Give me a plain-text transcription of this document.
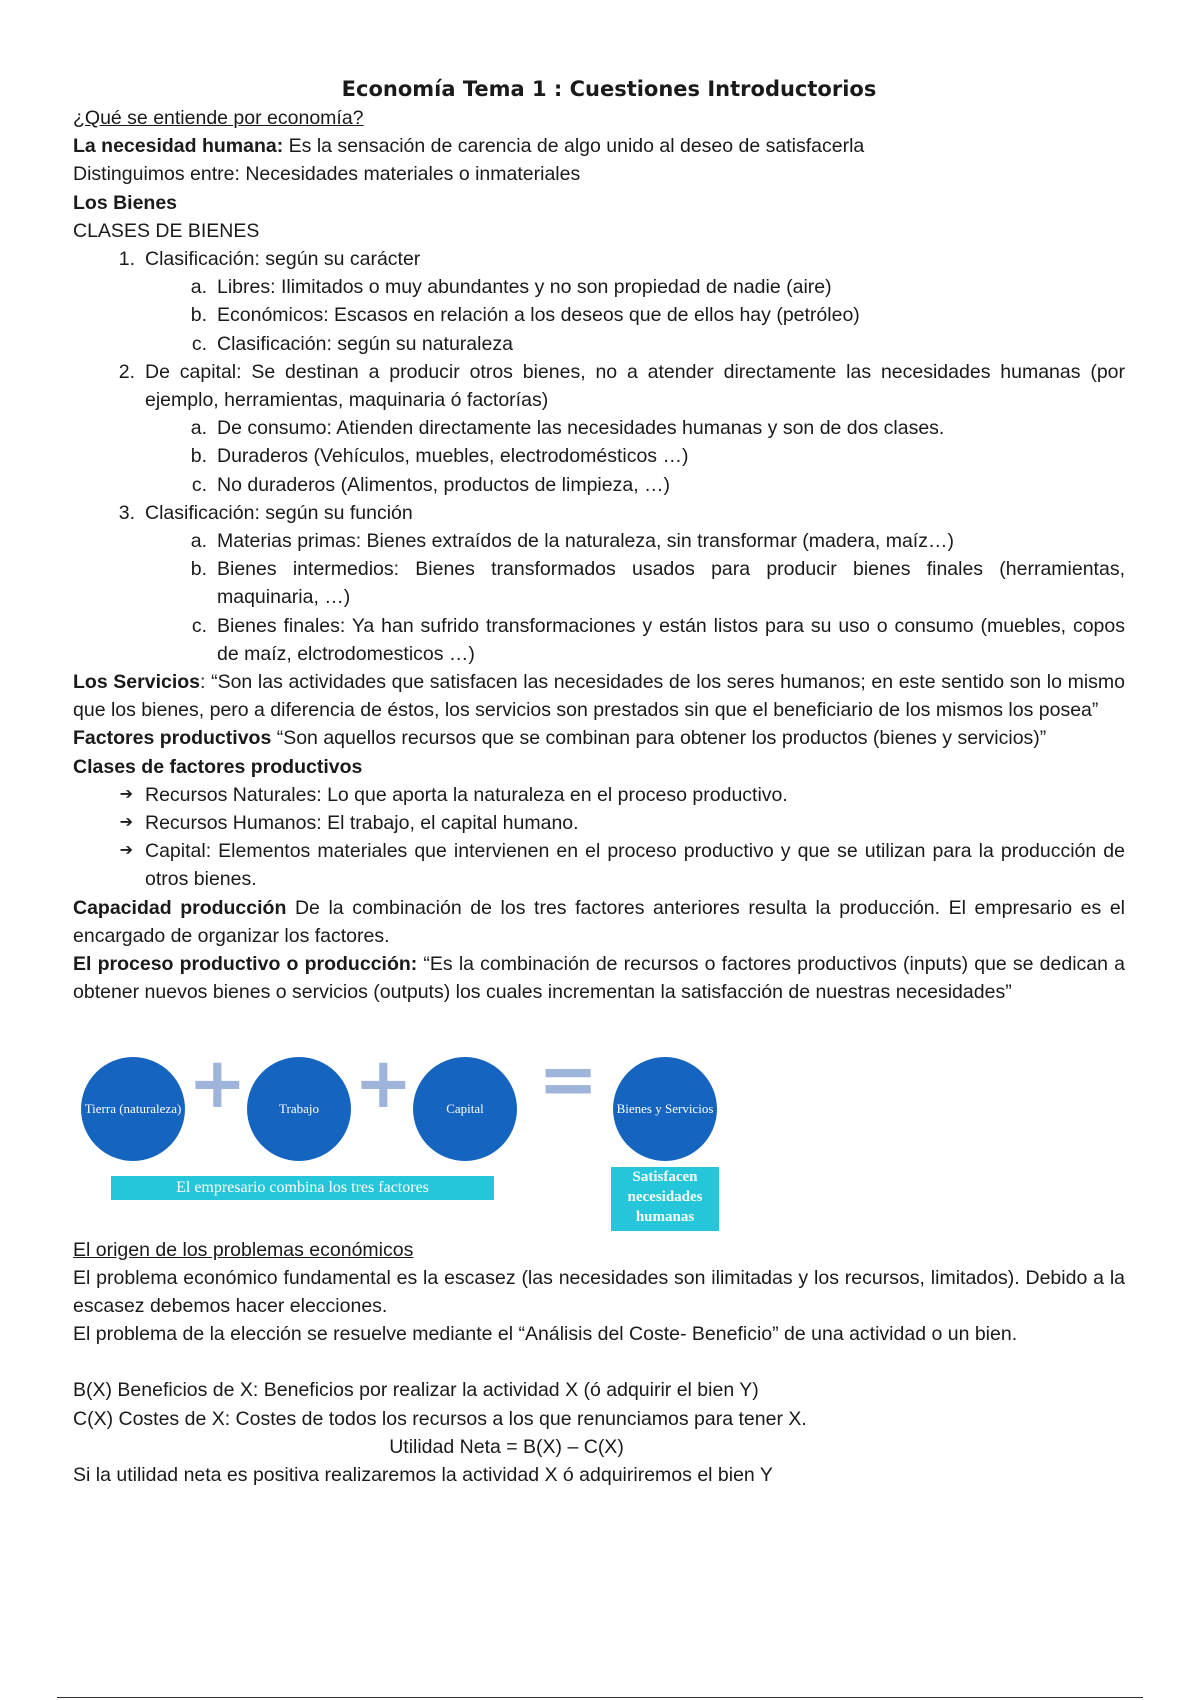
Economía Tema 1 : Cuestiones Introductorios
¿Qué se entiende por economía?
La necesidad humana: Es la sensación de carencia de algo unido al deseo de satisfacerla
Distinguimos entre: Necesidades materiales o inmateriales
Los Bienes
CLASES DE BIENES
1. Clasificación: según su carácter
a. Libres: Ilimitados o muy abundantes y no son propiedad de nadie (aire)
b. Económicos: Escasos en relación a los deseos que de ellos hay (petróleo)
c. Clasificación: según su naturaleza
2. De capital: Se destinan a producir otros bienes, no a atender directamente las necesidades humanas (por ejemplo, herramientas, maquinaria ó factorías)
a. De consumo: Atienden directamente las necesidades humanas y son de dos clases.
b. Duraderos (Vehículos, muebles, electrodomésticos …)
c. No duraderos (Alimentos, productos de limpieza, …)
3. Clasificación: según su función
a. Materias primas: Bienes extraídos de la naturaleza, sin transformar (madera, maíz…)
b. Bienes intermedios: Bienes transformados usados para producir bienes finales (herramientas, maquinaria, …)
c. Bienes finales: Ya han sufrido transformaciones y están listos para su uso o consumo (muebles, copos de maíz, elctrodomesticos …)
Los Servicios: “Son las actividades que satisfacen las necesidades de los seres humanos; en este sentido son lo mismo que los bienes, pero a diferencia de éstos, los servicios son prestados sin que el beneficiario de los mismos los posea”
Factores productivos “Son aquellos recursos que se combinan para obtener los productos (bienes y servicios)”
Clases de factores productivos
➔ Recursos Naturales: Lo que aporta la naturaleza en el proceso productivo.
➔ Recursos Humanos: El trabajo, el capital humano.
➔ Capital: Elementos materiales que intervienen en el proceso productivo y que se utilizan para la producción de otros bienes.
Capacidad producción De la combinación de los tres factores anteriores resulta la producción. El empresario es el encargado de organizar los factores.
El proceso productivo o producción: “Es la combinación de recursos o factores productivos (inputs) que se dedican a obtener nuevos bienes o servicios (outputs) los cuales incrementan la satisfacción de nuestras necesidades”
Tierra (naturaleza) +	Trabajo +	Capital = Bienes y Servicios
El empresario combina los tres factores
Satisfacen necesidades humanas
El origen de los problemas económicos
El problema económico fundamental es la escasez (las necesidades son ilimitadas y los recursos, limitados). Debido a la escasez debemos hacer elecciones.
El problema de la elección se resuelve mediante el “Análisis del Coste- Beneficio” de una actividad o un bien.
B(X) Beneficios de X: Beneficios por realizar la actividad X (ó adquirir el bien Y)
C(X) Costes de X: Costes de todos los recursos a los que renunciamos para tener X.
Utilidad Neta = B(X) – C(X)
Si la utilidad neta es positiva realizaremos la actividad X ó adquiriremos el bien Y
